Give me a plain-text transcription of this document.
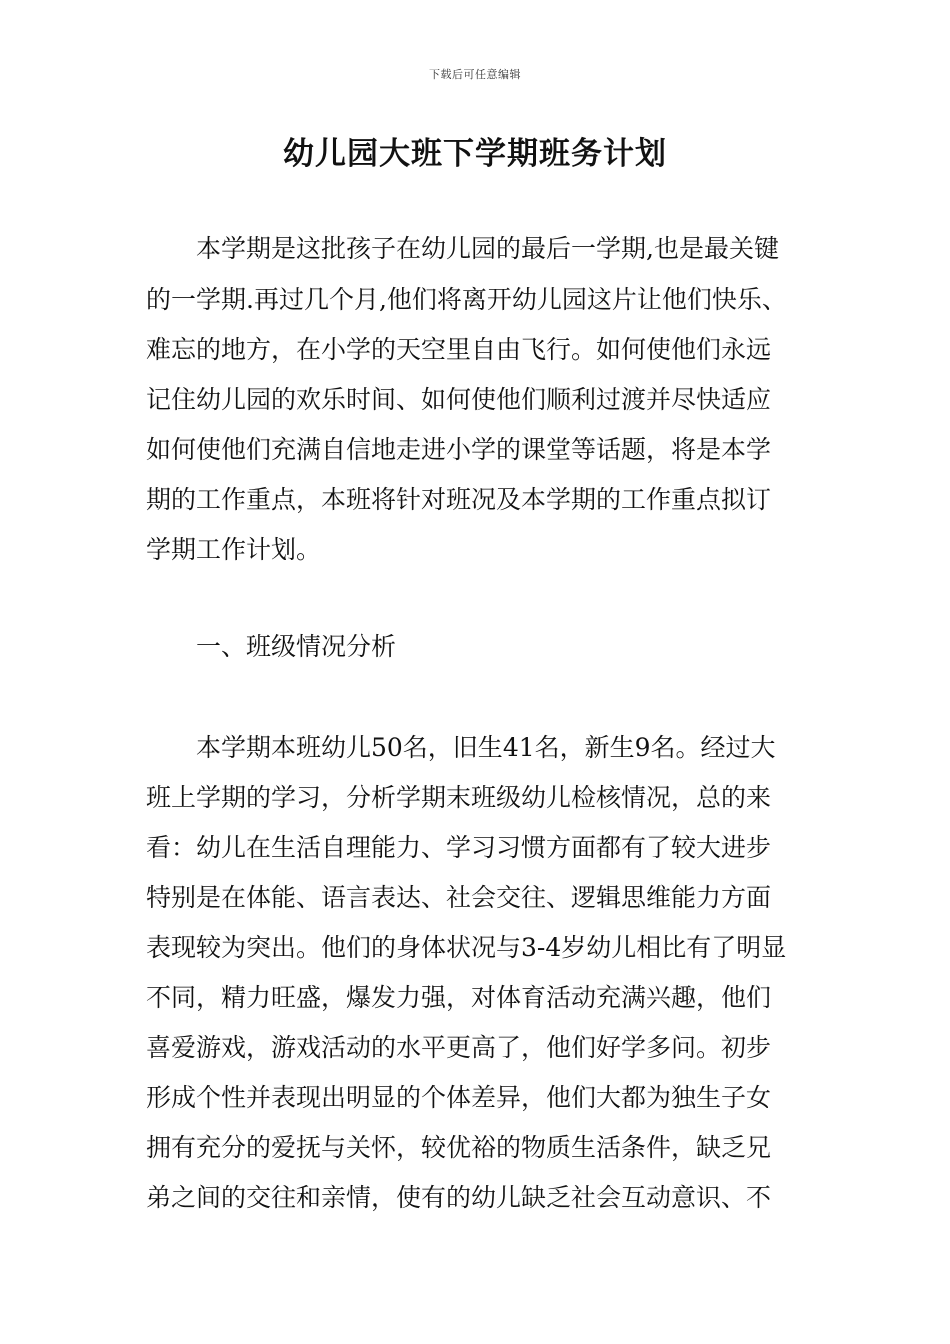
下载后可任意编辑
幼儿园大班下学期班务计划

本学期是这批孩子在幼儿园的最后一学期,也是最关键

的一学期.再过几个月,他们将离开幼儿园这片让他们快乐、

难忘的地方，在小学的天空里自由飞行。如何使他们永远

记住幼儿园的欢乐时间、如何使他们顺利过渡并尽快适应

如何使他们充满自信地走进小学的课堂等话题，将是本学

期的工作重点，本班将针对班况及本学期的工作重点拟订

学期工作计划。

一、班级情况分析

本学期本班幼儿50名，旧生41名，新生9名。经过大

班上学期的学习，分析学期末班级幼儿检核情况，总的来

看：幼儿在生活自理能力、学习习惯方面都有了较大进步

特别是在体能、语言表达、社会交往、逻辑思维能力方面

表现较为突出。他们的身体状况与3-4岁幼儿相比有了明显

不同，精力旺盛，爆发力强，对体育活动充满兴趣，他们

喜爱游戏，游戏活动的水平更高了，他们好学多问。初步

形成个性并表现出明显的个体差异，他们大都为独生子女

拥有充分的爱抚与关怀，较优裕的物质生活条件，缺乏兄

弟之间的交往和亲情，使有的幼儿缺乏社会互动意识、不
